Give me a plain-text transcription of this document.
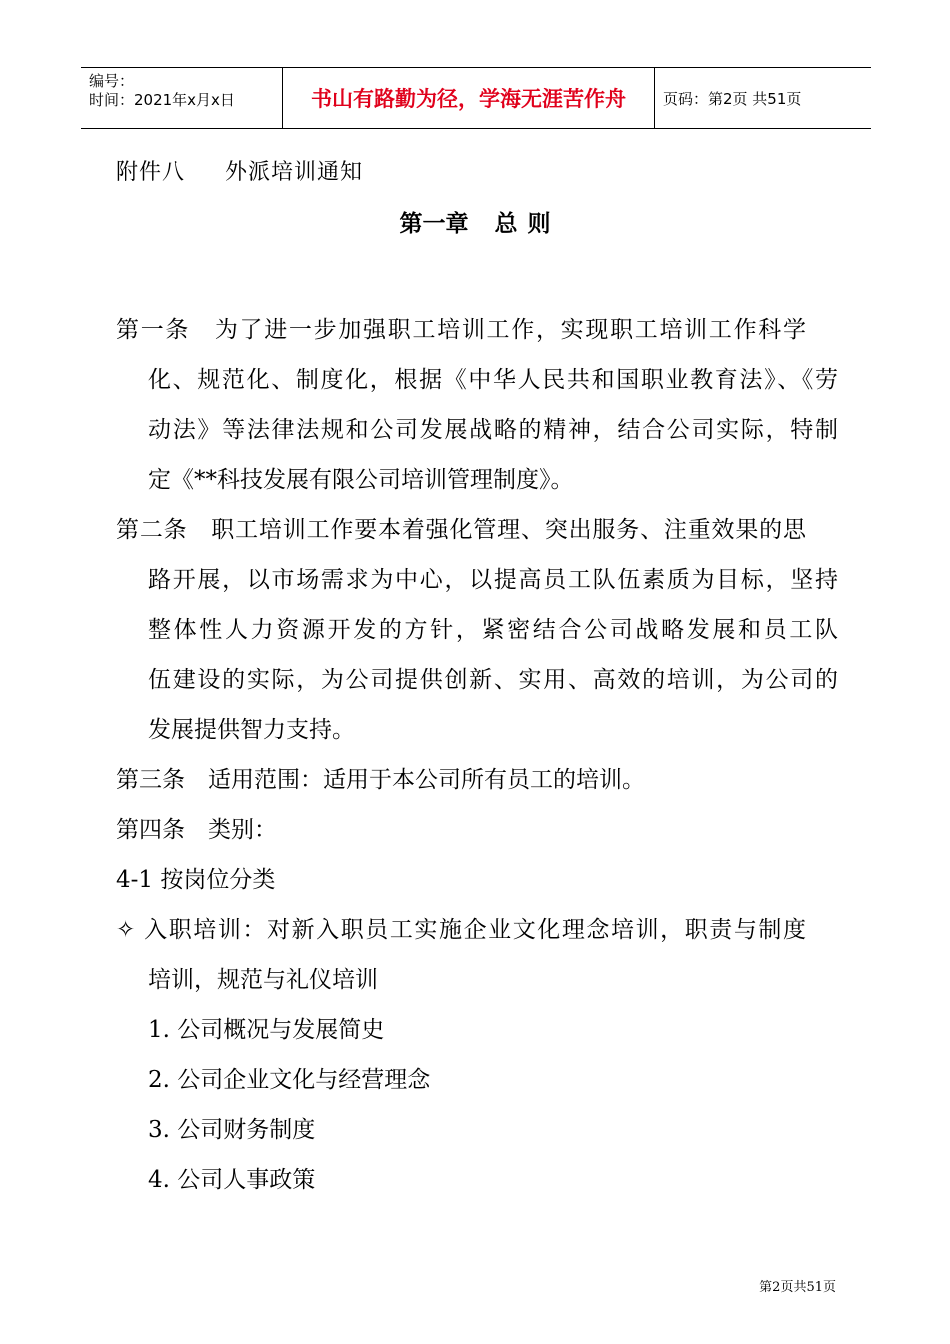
编号：
时间：2021年x月x日	书山有路勤为径，学海无涯苦作舟	页码：第2页 共51页
附件八 外派培训通知
第一章 总 则
第一条　为了进一步加强职工培训工作，实现职工培训工作科学
化、规范化、制度化，根据《中华人民共和国职业教育法》、《劳
动法》等法律法规和公司发展战略的精神，结合公司实际，特制
定《**科技发展有限公司培训管理制度》。
第二条　职工培训工作要本着强化管理、突出服务、注重效果的思
路开展，以市场需求为中心，以提高员工队伍素质为目标，坚持
整体性人力资源开发的方针，紧密结合公司战略发展和员工队
伍建设的实际，为公司提供创新、实用、高效的培训，为公司的
发展提供智力支持。
第三条　适用范围：适用于本公司所有员工的培训。
第四条　类别：
4-1 按岗位分类
✧ 入职培训：对新入职员工实施企业文化理念培训，职责与制度
培训，规范与礼仪培训
1. 公司概况与发展简史
2. 公司企业文化与经营理念
3. 公司财务制度
4. 公司人事政策
第2页共51页
